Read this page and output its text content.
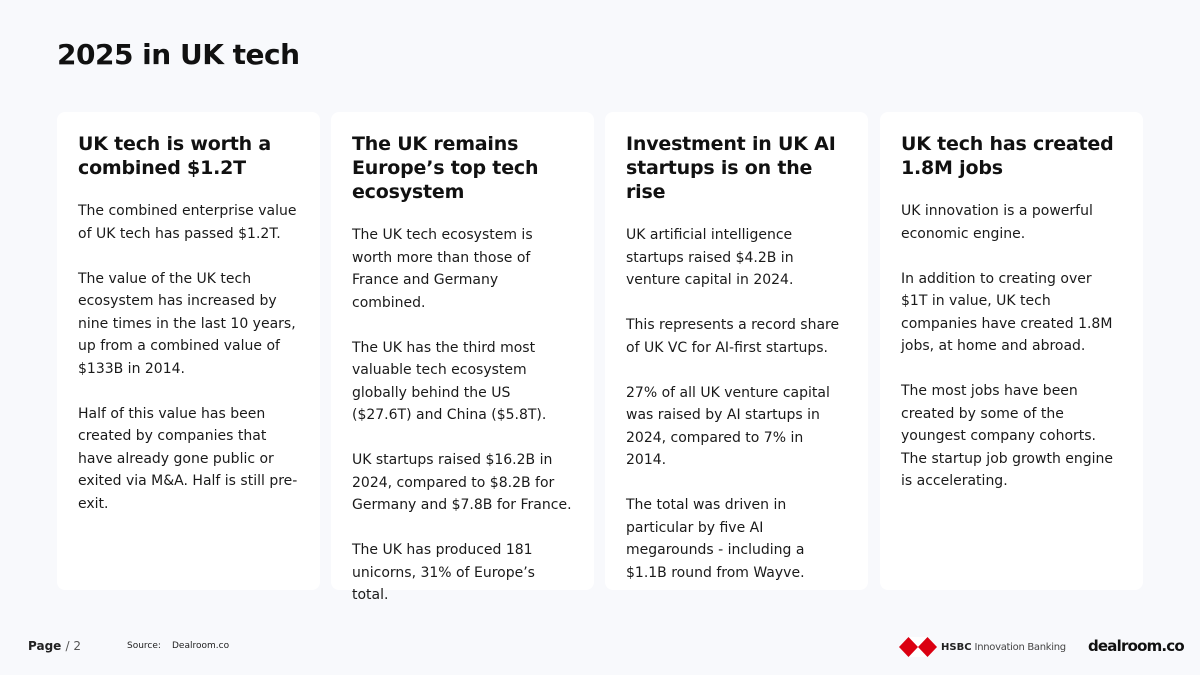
2025 in UK tech
UK tech is worth a combined $1.2T

The combined enterprise value of UK tech has passed $1.2T.

The value of the UK tech ecosystem has increased by nine times in the last 10 years, up from a combined value of $133B in 2014.

Half of this value has been created by companies that have already gone public or exited via M&A. Half is still pre-exit.

The UK remains Europe’s top tech ecosystem

The UK tech ecosystem is worth more than those of France and Germany combined.

The UK has the third most valuable tech ecosystem globally behind the US ($27.6T) and China ($5.8T).

UK startups raised $16.2B in 2024, compared to $8.2B for Germany and $7.8B for France.

The UK has produced 181 unicorns, 31% of Europe’s total.

Investment in UK AI startups is on the rise

UK artificial intelligence startups raised $4.2B in venture capital in 2024.

This represents a record share of UK VC for AI-first startups.

27% of all UK venture capital was raised by AI startups in 2024, compared to 7% in 2014.

The total was driven in particular by five AI megarounds - including a $1.1B round from Wayve.

UK tech has created 1.8M jobs

UK innovation is a powerful economic engine.

In addition to creating over $1T in value, UK tech companies have created 1.8M jobs, at home and abroad.

The most jobs have been created by some of the youngest company cohorts. The startup job growth engine is accelerating.

Page / 2	Source: Dealroom.co	HSBC Innovation Banking dealroom.co
